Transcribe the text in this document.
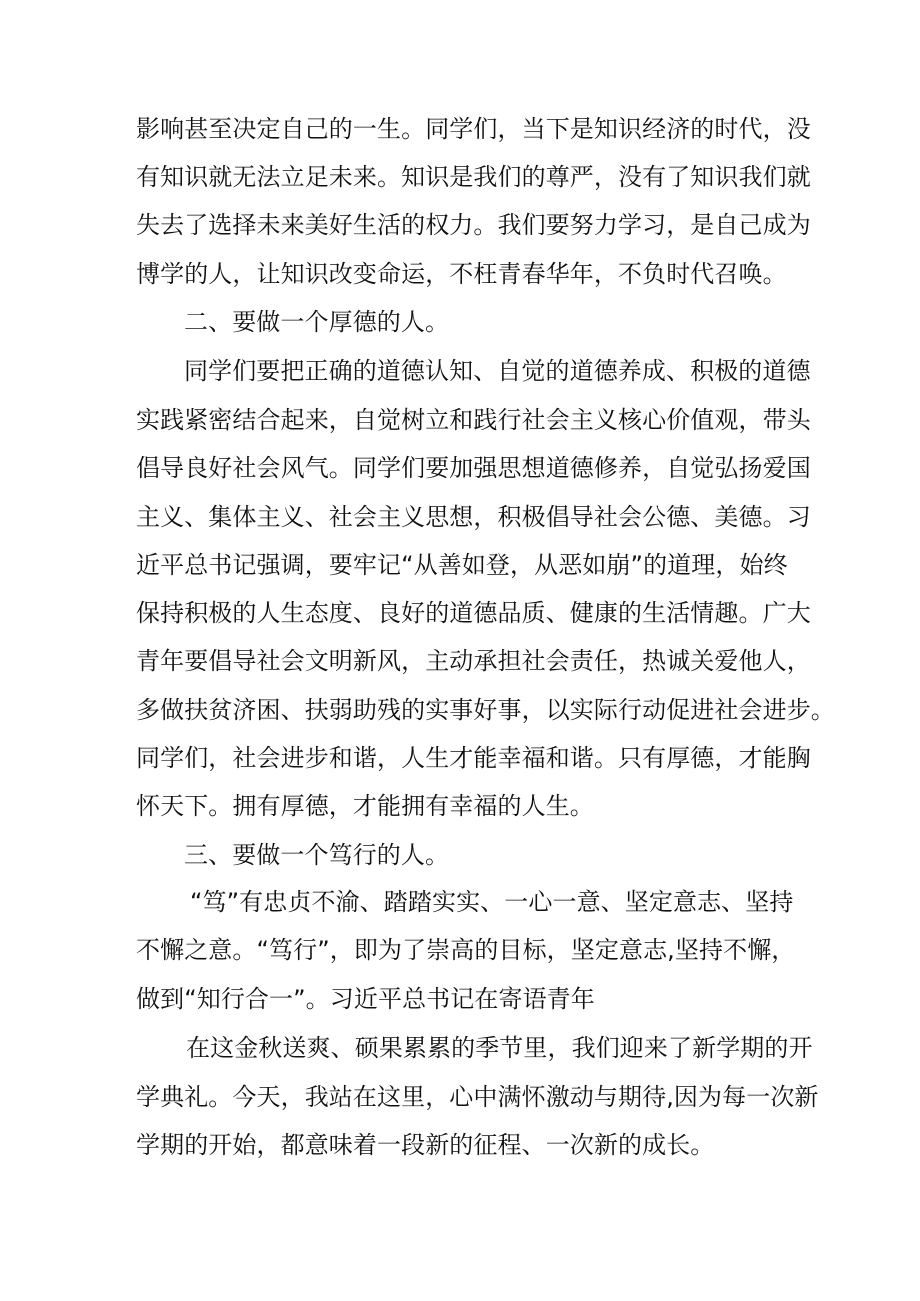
影响甚至决定自己的一生。同学们，当下是知识经济的时代，没
有知识就无法立足未来。知识是我们的尊严，没有了知识我们就
失去了选择未来美好生活的权力。我们要努力学习，是自己成为
博学的人，让知识改变命运，不枉青春华年，不负时代召唤。
二、要做一个厚德的人。
同学们要把正确的道德认知、自觉的道德养成、积极的道德
实践紧密结合起来，自觉树立和践行社会主义核心价值观，带头
倡导良好社会风气。同学们要加强思想道德修养，自觉弘扬爱国
主义、集体主义、社会主义思想，积极倡导社会公德、美德。习
近平总书记强调，要牢记“从善如登，从恶如崩”的道理，始终
保持积极的人生态度、良好的道德品质、健康的生活情趣。广大
青年要倡导社会文明新风，主动承担社会责任，热诚关爱他人，
多做扶贫济困、扶弱助残的实事好事，以实际行动促进社会进步。
同学们，社会进步和谐，人生才能幸福和谐。只有厚德，才能胸
怀天下。拥有厚德，才能拥有幸福的人生。
三、要做一个笃行的人。
“笃”有忠贞不渝、踏踏实实、一心一意、坚定意志、坚持
不懈之意。“笃行”，即为了崇高的目标，坚定意志,坚持不懈，
做到“知行合一”。习近平总书记在寄语青年
在这金秋送爽、硕果累累的季节里，我们迎来了新学期的开
学典礼。今天，我站在这里，心中满怀激动与期待,因为每一次新
学期的开始，都意味着一段新的征程、一次新的成长。
